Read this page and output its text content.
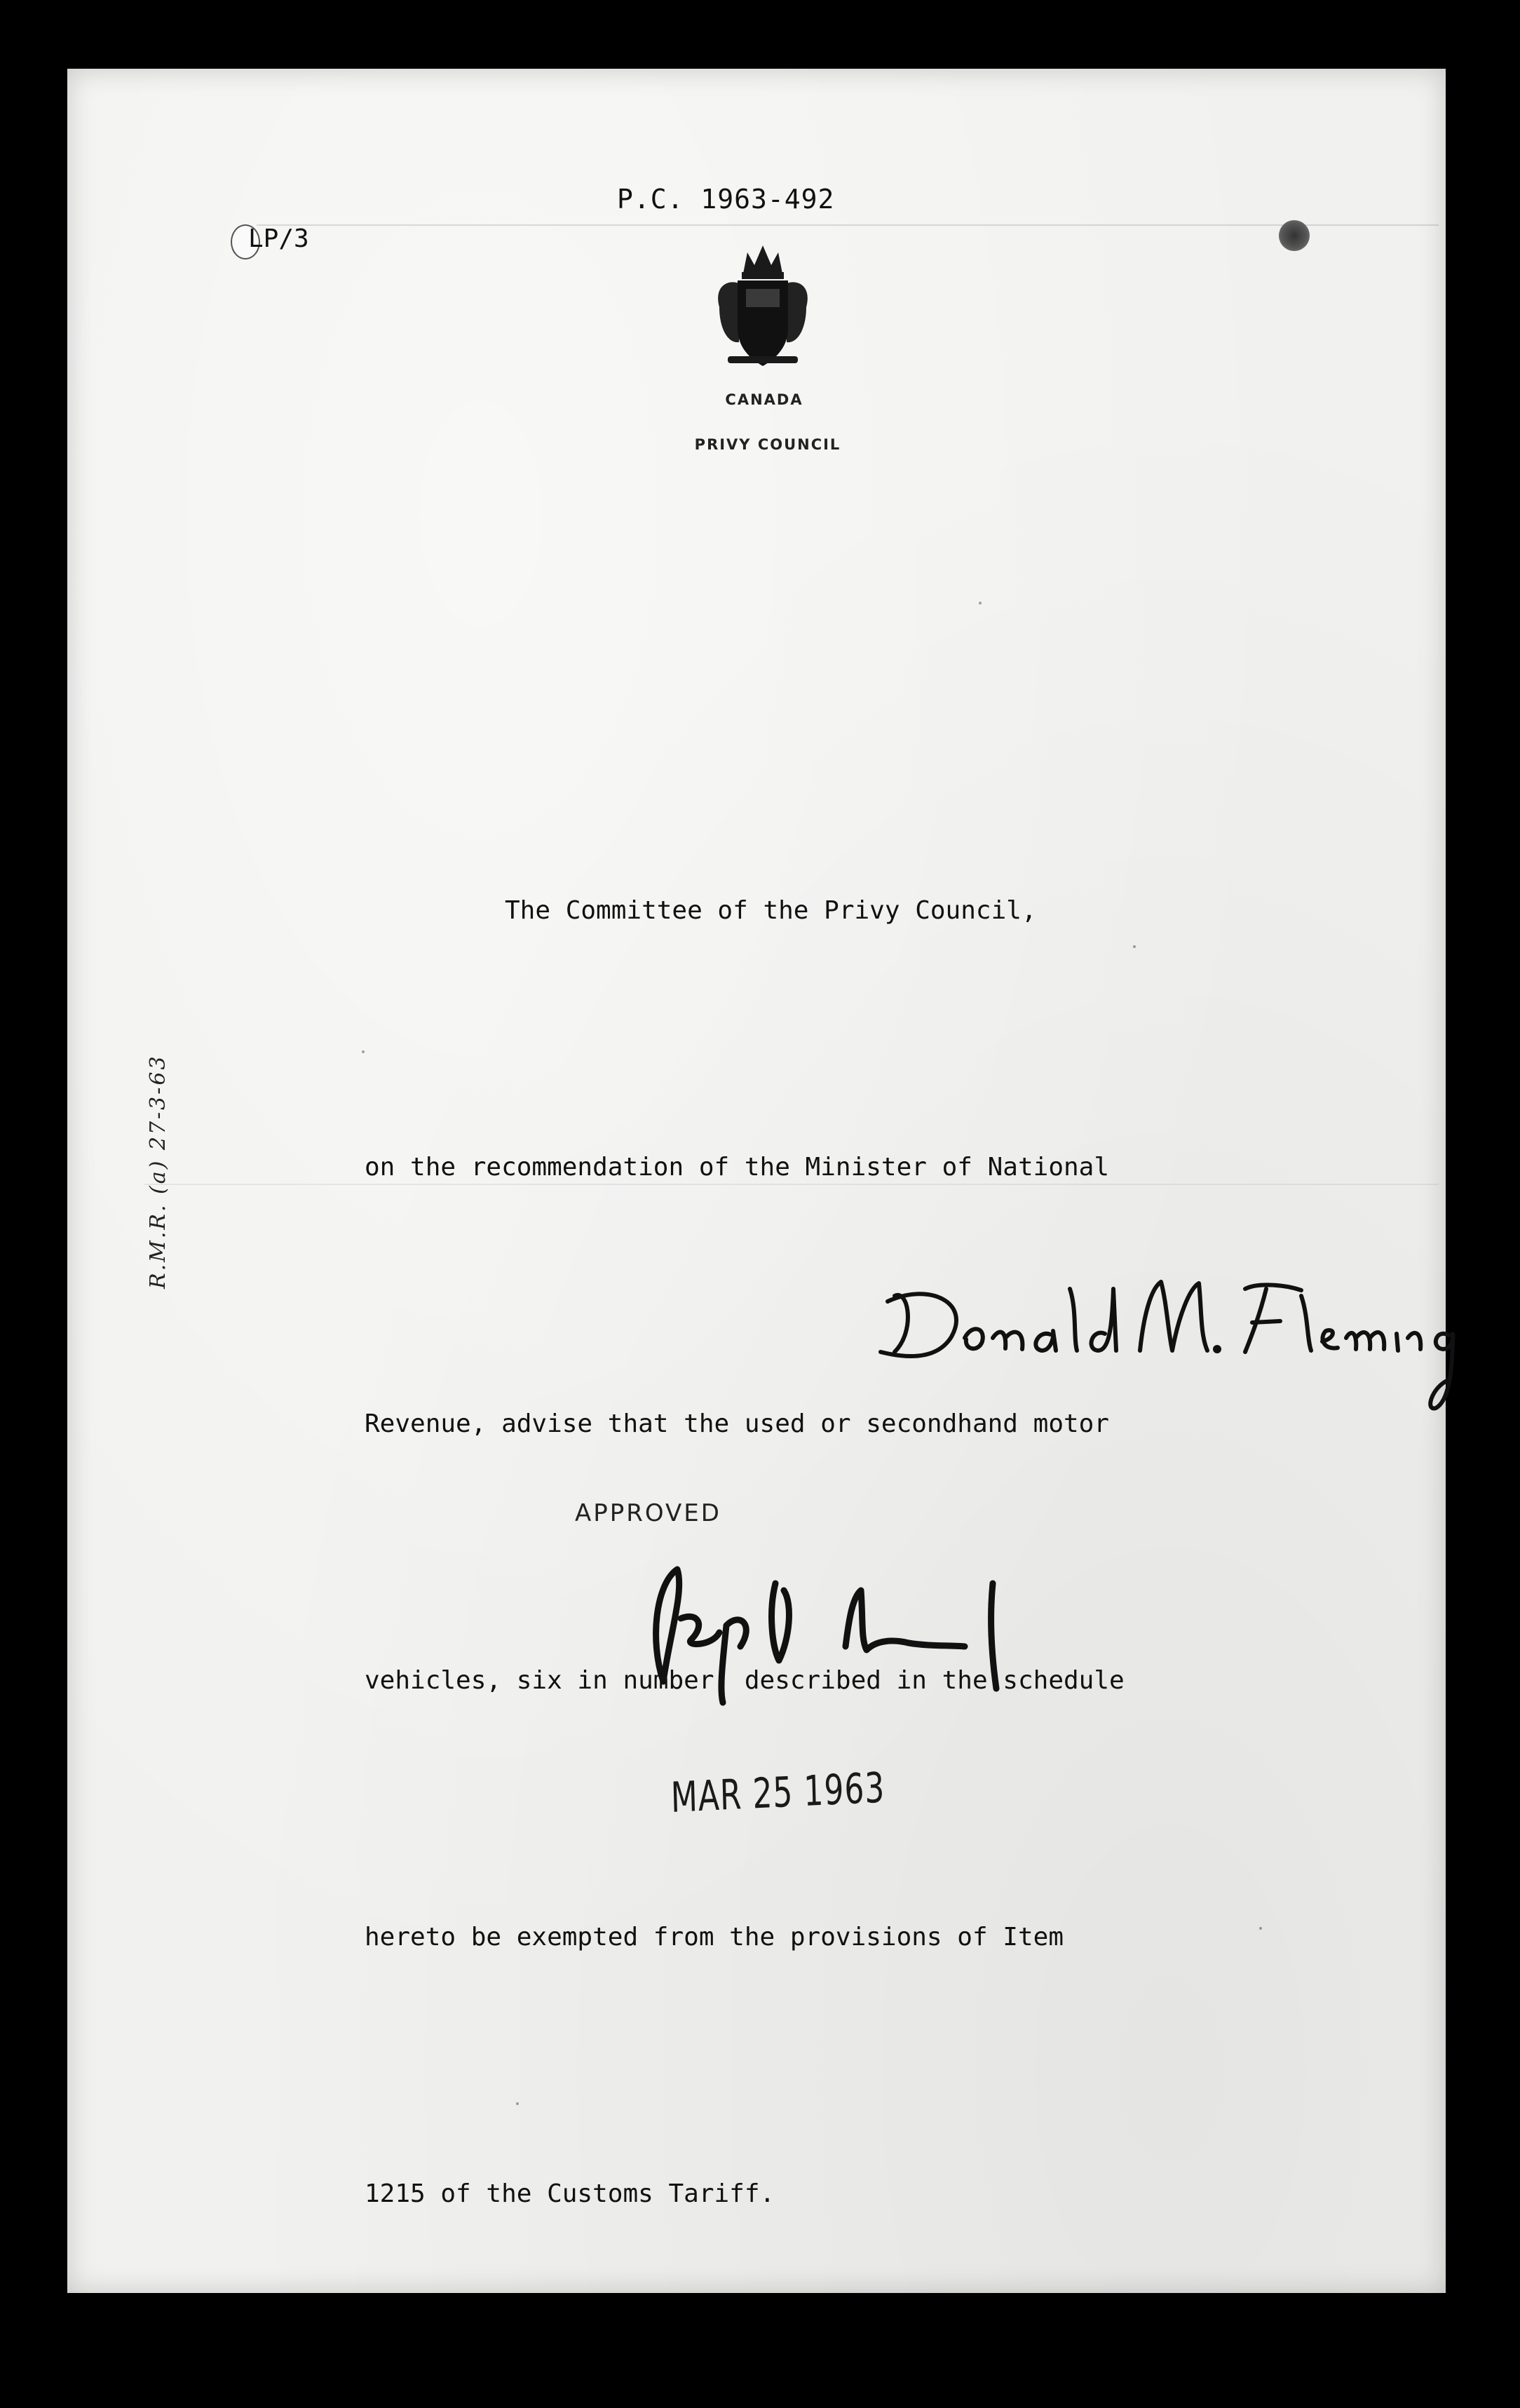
P.C. 1963-492
LP/3
CANADA
PRIVY COUNCIL

The Committee of the Privy Council,

on the recommendation of the Minister of National

Revenue, advise that the used or secondhand motor

vehicles, six in number, described in the schedule

hereto be exempted from the provisions of Item

1215 of the Customs Tariff.

APPROVED
MAR 25 1963
R.M.R. (a) 27-3-63
